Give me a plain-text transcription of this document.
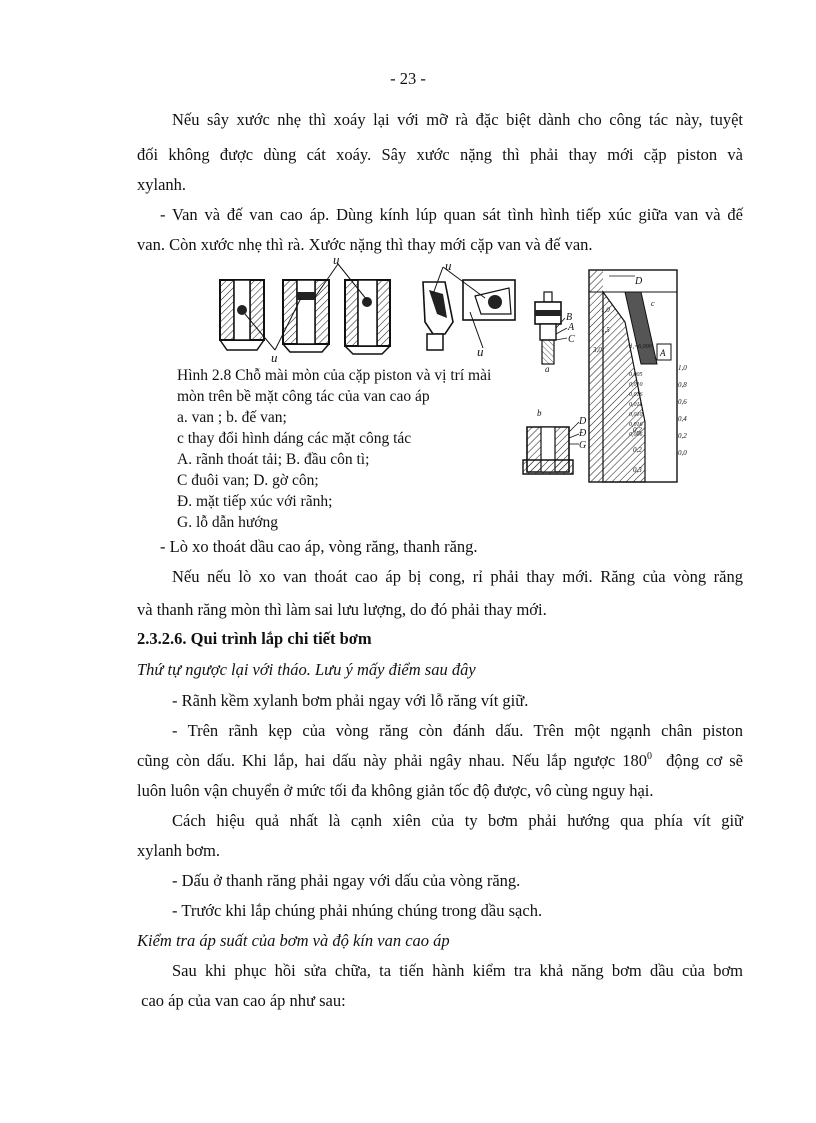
- 23 -
Nếu sây xước nhẹ thì xoáy lại với mỡ rà đặc biệt dành cho công tác này, tuyệt
đối không được dùng cát xoáy. Sây xước nặng thì phải thay mới cặp piston và
xylanh.
- Van và đế van cao áp. Dùng kính lúp quan sát tình hình tiếp xúc giữa van và đế
van. Còn xước nhẹ thì rà. Xước nặng thì thay mới cặp van và đế van.
u
u
u
u
B
A
C
a
b
D
Đ
G
D
c
A
1,0
0,8
0,6
0,4
0,2
0,0
1,0
1,5
3,0
0,2
0,2
0,3
d₁=6,000
0,005
0,010
0,016
0,011
0,010
0,016
0,006
Hình 2.8 Chỗ mài mòn của cặp piston và vị trí mài
mòn trên bề mặt công tác của van cao áp
a. van ; b. đế van;
c thay đổi hình dáng các mặt công tác
A. rãnh thoát tải; B. đầu côn tì;
C đuôi van; D. gờ côn;
Đ. mặt tiếp xúc với rãnh;
G. lỗ dẫn hướng
- Lò xo thoát dầu cao áp, vòng răng, thanh răng.
Nếu nếu lò xo van thoát cao áp bị cong, rỉ phải thay mới. Răng của vòng răng
và thanh răng mòn thì làm sai lưu lượng, do đó phải thay mới.
2.3.2.6. Qui trình lắp chi tiết bơm
Thứ tự ngược lại với tháo. Lưu ý mấy điểm sau đây
- Rãnh kềm xylanh bơm phải ngay với lỗ răng vít giữ.
- Trên rãnh kẹp của vòng răng còn đánh dấu. Trên một ngạnh chân piston
cũng còn dấu. Khi lắp, hai dấu này phải ngây nhau. Nếu lắp ngược $180^0$  động cơ sẽ
luôn luôn vận chuyển ở mức tối đa không giản tốc độ được, vô cùng nguy hại.
Cách hiệu quả nhất là cạnh xiên của ty bơm phải hướng qua phía vít giữ
xylanh bơm.
- Dấu ở thanh răng phải ngay với dấu của vòng răng.
- Trước khi lắp chúng phải nhúng chúng trong dầu sạch.
Kiểm tra áp suất của bơm và độ kín van cao áp
Sau khi phục hồi sửa chữa, ta tiến hành kiểm tra khả năng bơm dầu của bơm
cao áp của van cao áp như sau:
